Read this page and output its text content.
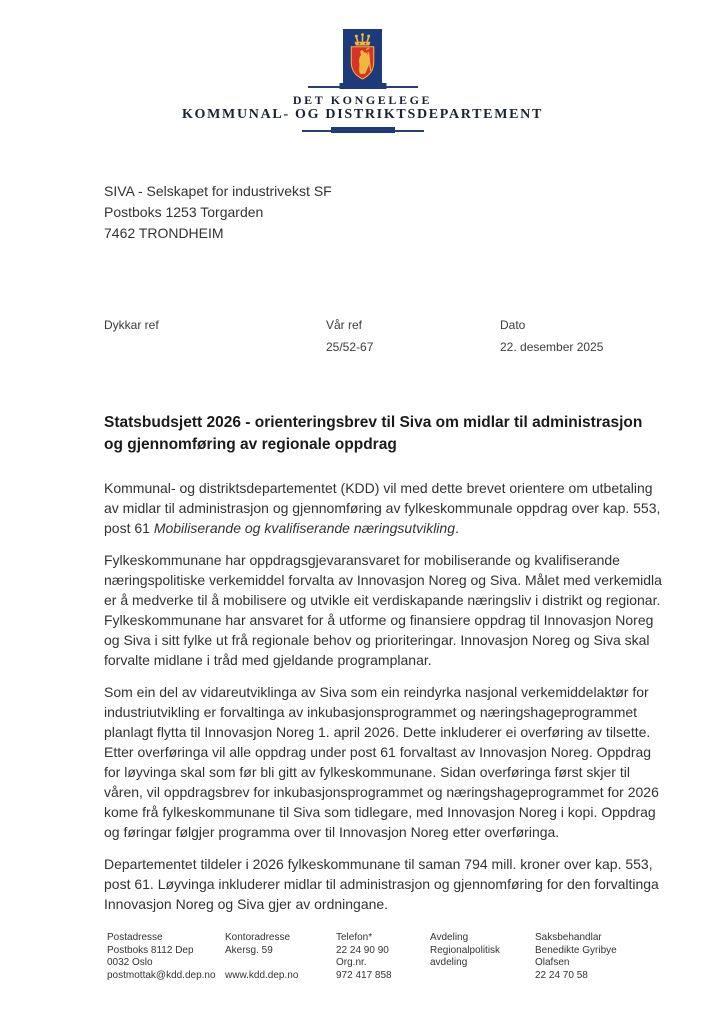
DET KONGELEGE
KOMMUNAL- OG DISTRIKTSDEPARTEMENT
SIVA - Selskapet for industrivekst SF
Postboks 1253 Torgarden
7462 TRONDHEIM
Dykkar ref	Vår ref
25/52-67
Dato
22. desember 2025
Statsbudsjett 2026 - orienteringsbrev til Siva om midlar til administrasjon
og gjennomføring av regionale oppdrag

Kommunal- og distriktsdepartementet (KDD) vil med dette brevet orientere om utbetaling av midlar til administrasjon og gjennomføring av fylkeskommunale oppdrag over kap. 553, post 61 Mobiliserande og kvalifiserande næringsutvikling.

Fylkeskommunane har oppdragsgjevaransvaret for mobiliserande og kvalifiserande næringspolitiske verkemiddel forvalta av Innovasjon Noreg og Siva. Målet med verkemidla er å medverke til å mobilisere og utvikle eit verdiskapande næringsliv i distrikt og regionar. Fylkeskommunane har ansvaret for å utforme og finansiere oppdrag til Innovasjon Noreg og Siva i sitt fylke ut frå regionale behov og prioriteringar. Innovasjon Noreg og Siva skal forvalte midlane i tråd med gjeldande programplanar.

Som ein del av vidareutviklinga av Siva som ein reindyrka nasjonal verkemiddelaktør for industriutvikling er forvaltinga av inkubasjonsprogrammet og næringshageprogrammet planlagt flytta til Innovasjon Noreg 1. april 2026. Dette inkluderer ei overføring av tilsette. Etter overføringa vil alle oppdrag under post 61 forvaltast av Innovasjon Noreg. Oppdrag for løyvinga skal som før bli gitt av fylkeskommunane. Sidan overføringa først skjer til våren, vil oppdragsbrev for inkubasjonsprogrammet og næringshageprogrammet for 2026 kome frå fylkeskommunane til Siva som tidlegare, med Innovasjon Noreg i kopi. Oppdrag og føringar følgjer programma over til Innovasjon Noreg etter overføringa.

Departementet tildeler i 2026 fylkeskommunane til saman 794 mill. kroner over kap. 553, post 61. Løyvinga inkluderer midlar til administrasjon og gjennomføring for den forvaltinga Innovasjon Noreg og Siva gjer av ordningane.

Postadresse
Postboks 8112 Dep
0032 Oslo
postmottak@kdd.dep.no
Kontoradresse
Akersg. 59
www.kdd.dep.no
Telefon*
22 24 90 90
Org.nr.
972 417 858
Avdeling
Regionalpolitisk
avdeling
Saksbehandlar
Benedikte Gyribye
Olafsen
22 24 70 58
